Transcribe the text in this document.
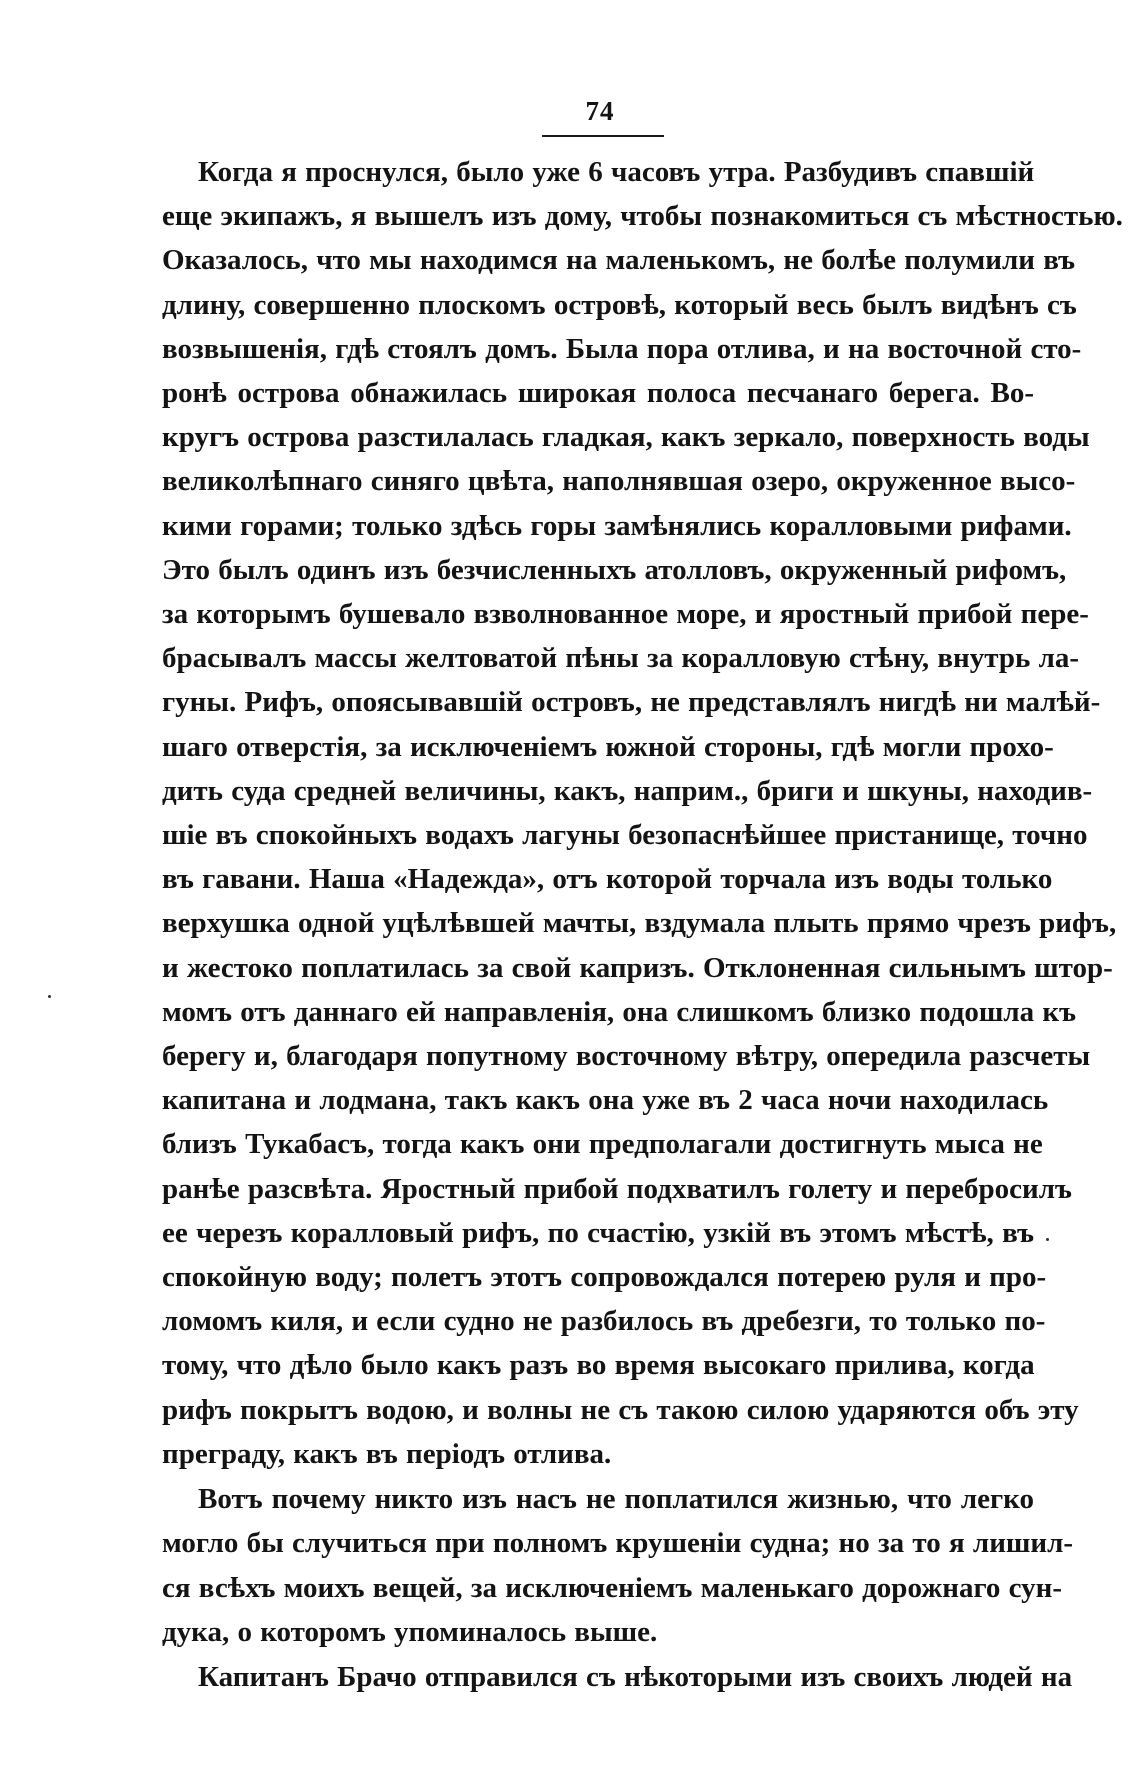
74
Когда я проснулся, было уже 6 часовъ утра. Разбудивъ спавшій
еще экипажъ, я вышелъ изъ дому, чтобы познакомиться съ мѣстностью.
Оказалось, что мы находимся на маленькомъ, не болѣе полумили въ
длину, совершенно плоскомъ островѣ, который весь былъ видѣнъ съ
возвышенія, гдѣ стоялъ домъ. Была пора отлива, и на восточной сто-
ронѣ острова обнажилась широкая полоса песчанаго берега. Во-
кругъ острова разстилалась гладкая, какъ зеркало, поверхность воды
великолѣпнаго синяго цвѣта, наполнявшая озеро, окруженное высо-
кими горами; только здѣсь горы замѣнялись коралловыми рифами.
Это былъ одинъ изъ безчисленныхъ атолловъ, окруженный рифомъ,
за которымъ бушевало взволнованное море, и яростный прибой пере-
брасывалъ массы желтоватой пѣны за коралловую стѣну, внутрь ла-
гуны. Рифъ, опоясывавшій островъ, не представлялъ нигдѣ ни малѣй-
шаго отверстія, за исключеніемъ южной стороны, гдѣ могли прохо-
дить суда средней величины, какъ, наприм., бриги и шкуны, находив-
шіе въ спокойныхъ водахъ лагуны безопаснѣйшее пристанище, точно
въ гавани. Наша «Надежда», отъ которой торчала изъ воды только
верхушка одной уцѣлѣвшей мачты, вздумала плыть прямо чрезъ рифъ,
и жестоко поплатилась за свой капризъ. Отклоненная сильнымъ штор-
момъ отъ даннаго ей направленія, она слишкомъ близко подошла къ
берегу и, благодаря попутному восточному вѣтру, опередила разсчеты
капитана и лодмана, такъ какъ она уже въ 2 часа ночи находилась
близъ Тукабасъ, тогда какъ они предполагали достигнуть мыса не
ранѣе разсвѣта. Яростный прибой подхватилъ голету и перебросилъ
ее черезъ коралловый рифъ, по счастію, узкій въ этомъ мѣстѣ, въ
спокойную воду; полетъ этотъ сопровождался потерею руля и про-
ломомъ киля, и если судно не разбилось въ дребезги, то только по-
тому, что дѣло было какъ разъ во время высокаго прилива, когда
рифъ покрытъ водою, и волны не съ такою силою ударяются объ эту
преграду, какъ въ періодъ отлива.
Вотъ почему никто изъ насъ не поплатился жизнью, что легко
могло бы случиться при полномъ крушеніи судна; но за то я лишил-
ся всѣхъ моихъ вещей, за исключеніемъ маленькаго дорожнаго сун-
дука, о которомъ упоминалось выше.
Капитанъ Брачо отправился съ нѣкоторыми изъ своихъ людей на
